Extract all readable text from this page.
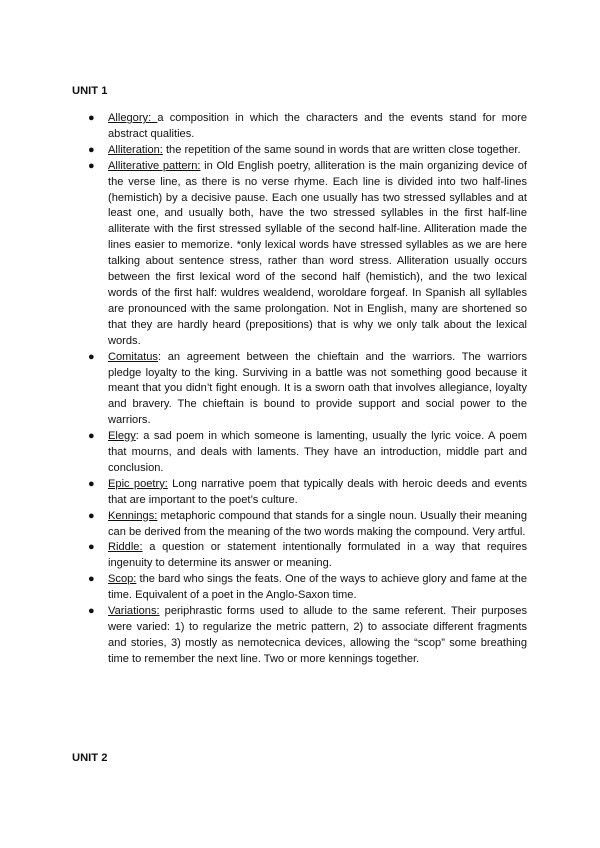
UNIT 1
● Allegory: a composition in which the characters and the events stand for more abstract qualities.
● Alliteration: the repetition of the same sound in words that are written close together.
● Alliterative pattern: in Old English poetry, alliteration is the main organizing device of the verse line, as there is no verse rhyme. Each line is divided into two half-lines (hemistich) by a decisive pause. Each one usually has two stressed syllables and at least one, and usually both, have the two stressed syllables in the first half-line alliterate with the first stressed syllable of the second half-line. Alliteration made the lines easier to memorize. *only lexical words have stressed syllables as we are here talking about sentence stress, rather than word stress. Alliteration usually occurs between the first lexical word of the second half (hemistich), and the two lexical words of the first half: wuldres wealdend, woroldare forgeaf. In Spanish all syllables are pronounced with the same prolongation. Not in English, many are shortened so that they are hardly heard (prepositions) that is why we only talk about the lexical words.
● Comitatus: an agreement between the chieftain and the warriors. The warriors pledge loyalty to the king. Surviving in a battle was not something good because it meant that you didn’t fight enough. It is a sworn oath that involves allegiance, loyalty and bravery. The chieftain is bound to provide support and social power to the warriors.
● Elegy: a sad poem in which someone is lamenting, usually the lyric voice. A poem that mourns, and deals with laments. They have an introduction, middle part and conclusion.
● Epic poetry: Long narrative poem that typically deals with heroic deeds and events that are important to the poet’s culture.
● Kennings: metaphoric compound that stands for a single noun. Usually their meaning can be derived from the meaning of the two words making the compound. Very artful.
● Riddle: a question or statement intentionally formulated in a way that requires ingenuity to determine its answer or meaning.
● Scop: the bard who sings the feats. One of the ways to achieve glory and fame at the time. Equivalent of a poet in the Anglo-Saxon time.
● Variations: periphrastic forms used to allude to the same referent. Their purposes were varied: 1) to regularize the metric pattern, 2) to associate different fragments and stories, 3) mostly as nemotecnica devices, allowing the “scop” some breathing time to remember the next line. Two or more kennings together.
UNIT 2
